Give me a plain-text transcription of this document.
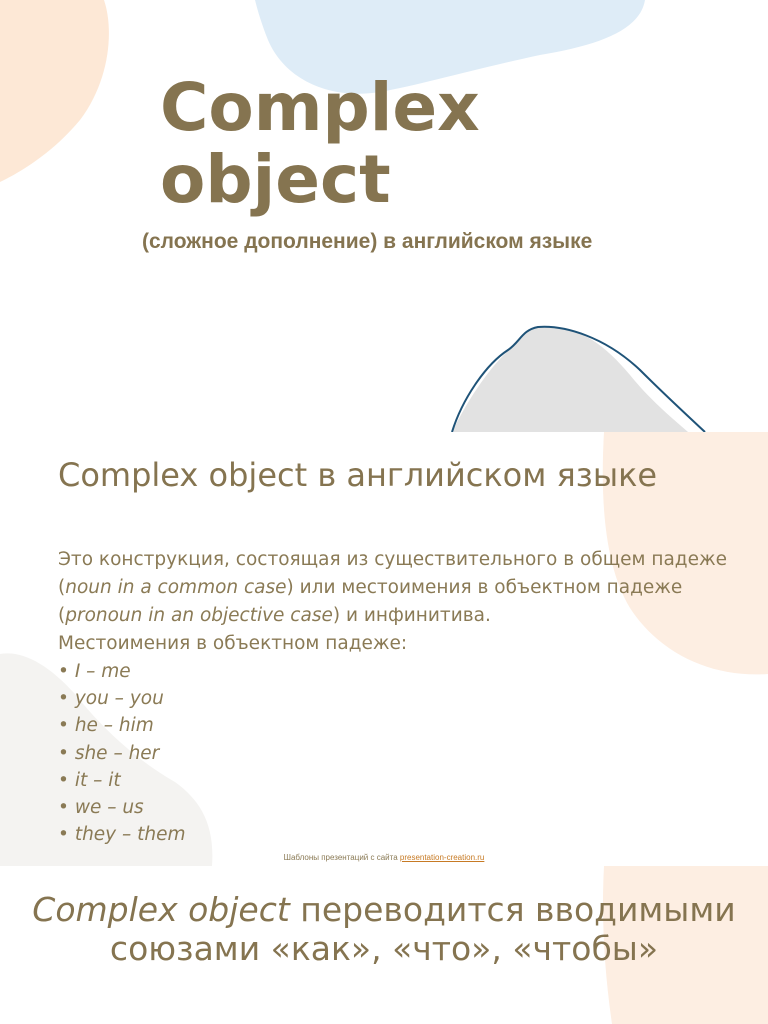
Complex
object

(сложное дополнение) в английском языке

Complex object в английском языке

Это конструкция, состоящая из существительного в общем падеже (noun in a common case) или местоимения в объектном падеже (pronoun in an objective case) и инфинитива.

Местоимения в объектном падеже:

• I – me
• you – you
• he – him
• she – her
• it – it
• we – us
• they – them
Шаблоны презентаций с сайта presentation-creation.ru

Complex object переводится вводимыми союзами «как», «что», «чтобы»
